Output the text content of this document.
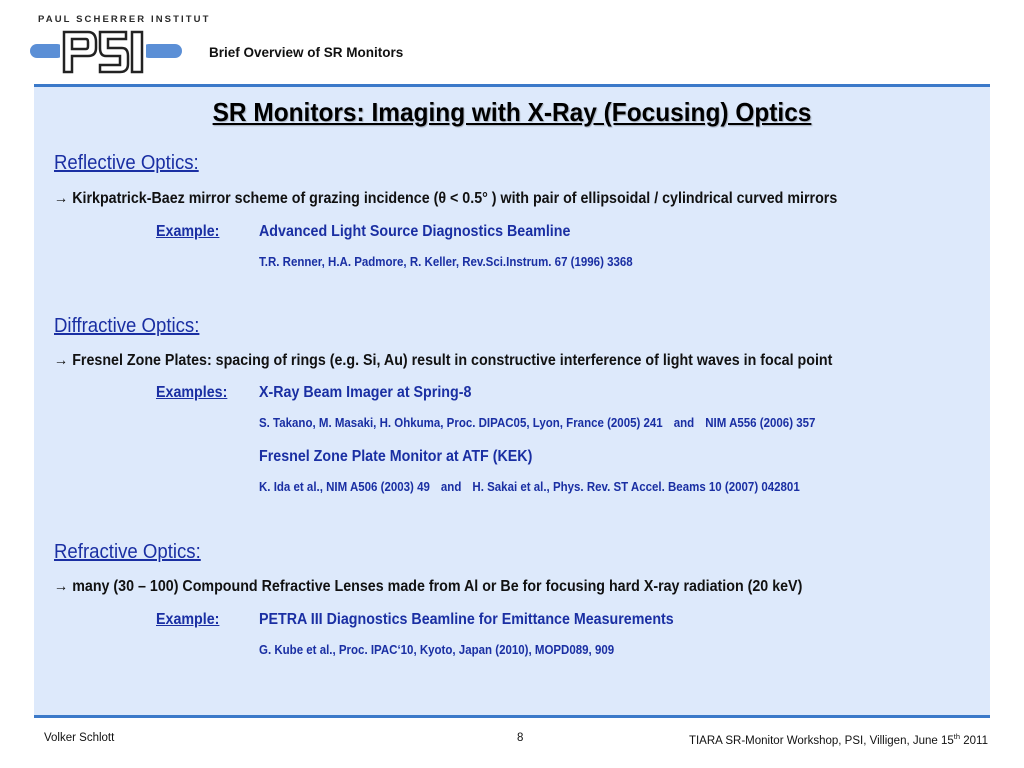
PAUL SCHERRER INSTITUT
Brief Overview of SR Monitors
SR Monitors: Imaging with X-Ray (Focusing) Optics
Reflective Optics:
→ Kirkpatrick-Baez mirror scheme of grazing incidence (θ < 0.5° ) with pair of ellipsoidal / cylindrical curved mirrors
Example:	Advanced Light Source Diagnostics Beamline
T.R. Renner, H.A. Padmore, R. Keller, Rev.Sci.Instrum. 67 (1996) 3368
Diffractive Optics:
→ Fresnel Zone Plates: spacing of rings (e.g. Si, Au) result in constructive interference of light waves in focal point
Examples: X-Ray Beam Imager at Spring-8
S. Takano, M. Masaki, H. Ohkuma, Proc. DIPAC05, Lyon, France (2005) 241 and NIM A556 (2006) 357
Fresnel Zone Plate Monitor at ATF (KEK)
K. Ida et al., NIM A506 (2003) 49 and H. Sakai et al., Phys. Rev. ST Accel. Beams 10 (2007) 042801
Refractive Optics:
→ many (30 – 100) Compound Refractive Lenses made from Al or Be for focusing hard X-ray radiation (20 keV)
Example:	PETRA III Diagnostics Beamline for Emittance Measurements
G. Kube et al., Proc. IPAC‘10, Kyoto, Japan (2010), MOPD089, 909
Volker Schlott	8	TIARA SR-Monitor Workshop, PSI, Villigen, June 15th 2011
